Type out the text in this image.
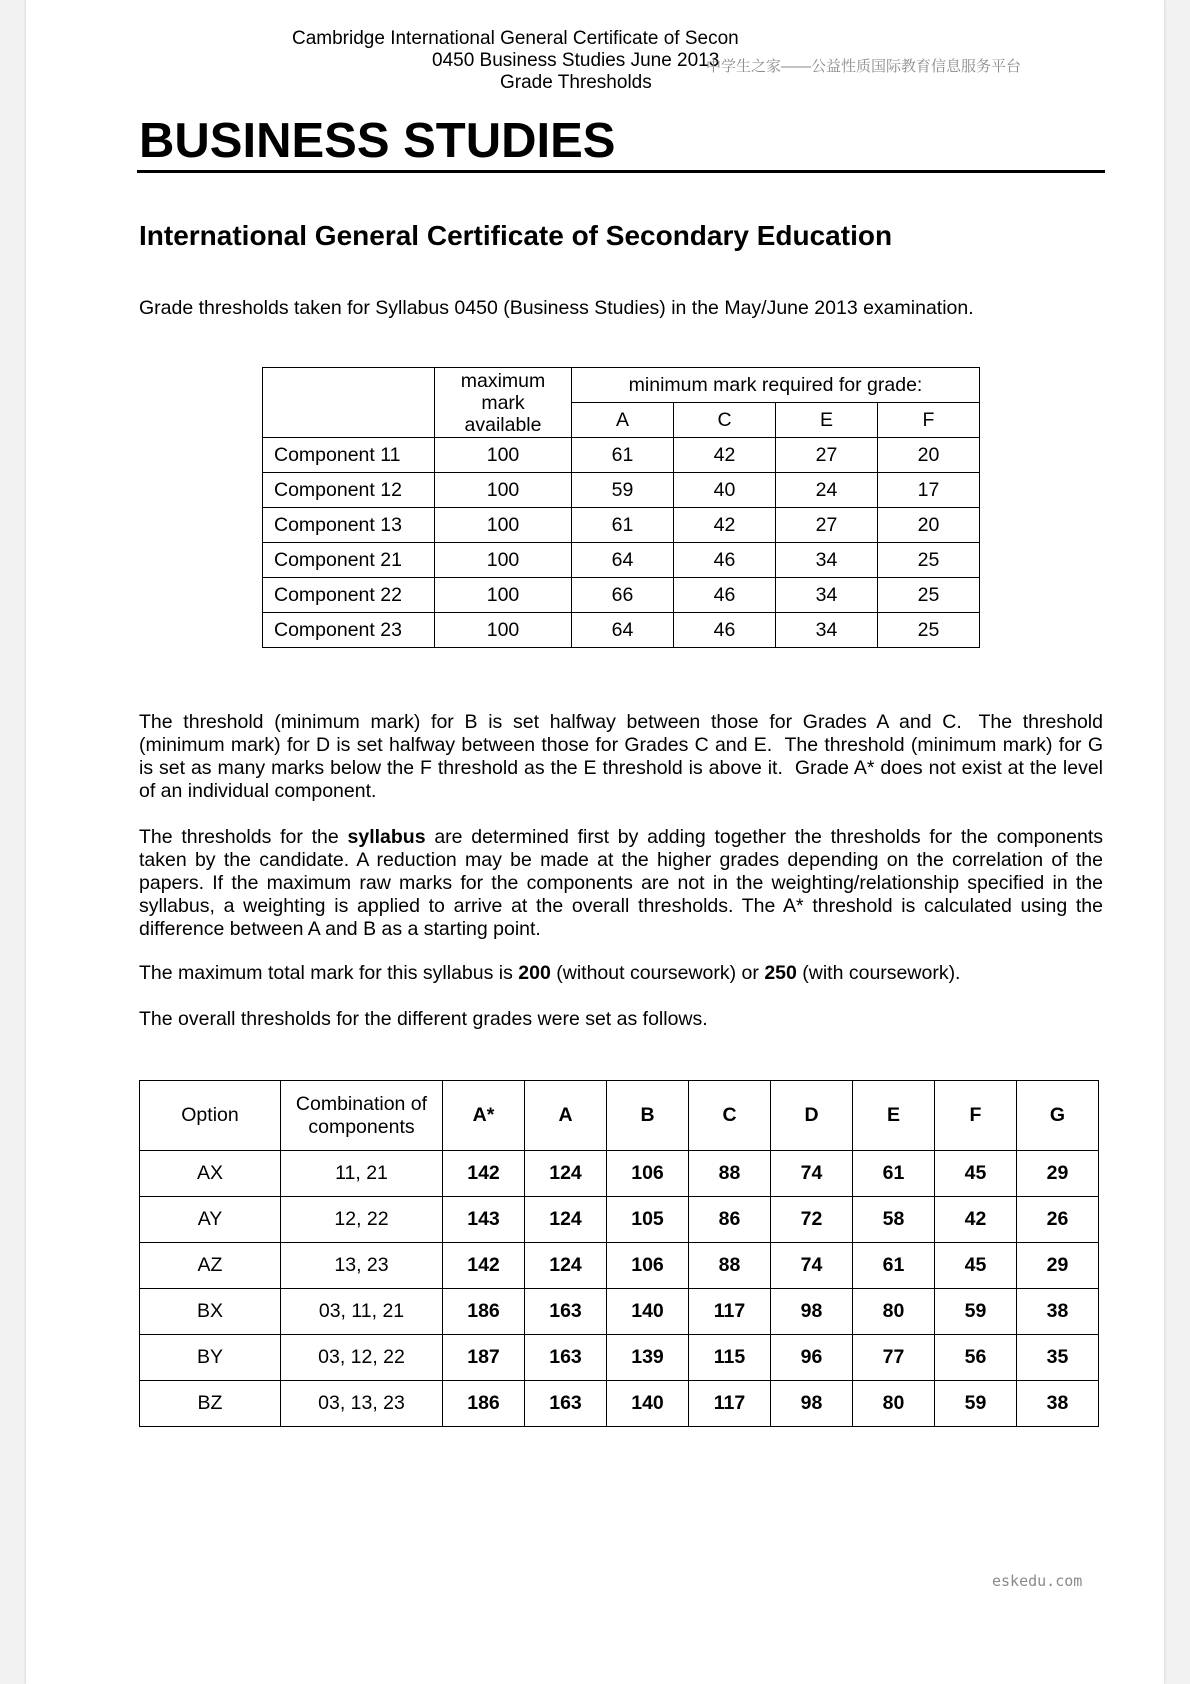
Cambridge International General Certificate of Secon
0450 Business Studies June 2013
Grade Thresholds
中学生之家——公益性质国际教育信息服务平台
BUSINESS STUDIES
International General Certificate of Secondary Education
Grade thresholds taken for Syllabus 0450 (Business Studies) in the May/June 2013 examination.

	maximum
mark
available	minimum mark required for grade:			
		A	C	E	F
Component 11	100	61	42	27	20
Component 12	100	59	40	24	17
Component 13	100	61	42	27	20
Component 21	100	64	46	34	25
Component 22	100	66	46	34	25
Component 23	100	64	46	34	25

The threshold (minimum mark) for B is set halfway between those for Grades A and C. The threshold (minimum mark) for D is set halfway between those for Grades C and E. The threshold (minimum mark) for G is set as many marks below the F threshold as the E threshold is above it. Grade A* does not exist at the level of an individual component.

The thresholds for the syllabus are determined first by adding together the thresholds for the components taken by the candidate. A reduction may be made at the higher grades depending on the correlation of the papers. If the maximum raw marks for the components are not in the weighting/relationship specified in the syllabus, a weighting is applied to arrive at the overall thresholds. The A* threshold is calculated using the difference between A and B as a starting point.

The maximum total mark for this syllabus is 200 (without coursework) or 250 (with coursework).

The overall thresholds for the different grades were set as follows.

Option	Combination of
components	A*	A	B	C	D	E	F	G
AX	11, 21	142	124	106	88	74	61	45	29
AY	12, 22	143	124	105	86	72	58	42	26
AZ	13, 23	142	124	106	88	74	61	45	29
BX	03, 11, 21	186	163	140	117	98	80	59	38
BY	03, 12, 22	187	163	139	115	96	77	56	35
BZ	03, 13, 23	186	163	140	117	98	80	59	38
eskedu.com
